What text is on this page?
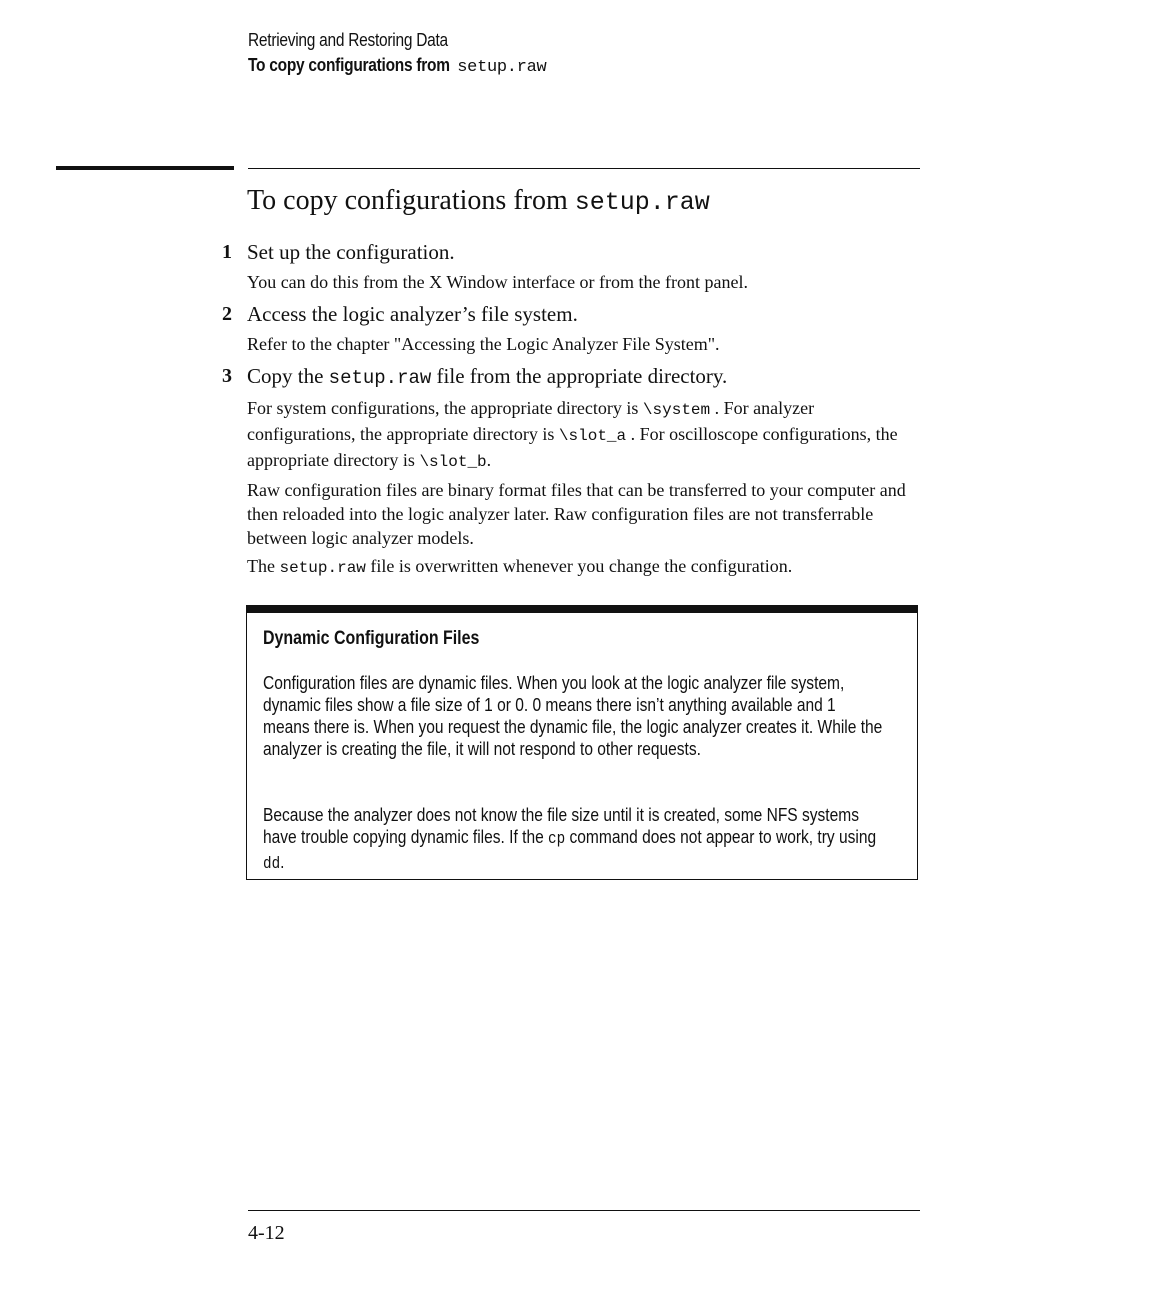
Retrieving and Restoring Data
To copy configurations from setup.raw
To copy configurations from setup.raw
1 Set up the configuration.
You can do this from the X Window interface or from the front panel.
2 Access the logic analyzer’s file system.
Refer to the chapter "Accessing the Logic Analyzer File System".
3 Copy the setup.raw file from the appropriate directory.
For system configurations, the appropriate directory is \system . For analyzer configurations, the appropriate directory is \slot_a . For oscilloscope configurations, the appropriate directory is \slot_b.
Raw configuration files are binary format files that can be transferred to your computer and then reloaded into the logic analyzer later. Raw configuration files are not transferrable between logic analyzer models.
The setup.raw file is overwritten whenever you change the configuration.
Dynamic Configuration Files
Configuration files are dynamic files. When you look at the logic analyzer file system, dynamic files show a file size of 1 or 0. 0 means there isn’t anything available and 1 means there is. When you request the dynamic file, the logic analyzer creates it. While the analyzer is creating the file, it will not respond to other requests.
Because the analyzer does not know the file size until it is created, some NFS systems have trouble copying dynamic files. If the cp command does not appear to work, try using dd.
4-12
